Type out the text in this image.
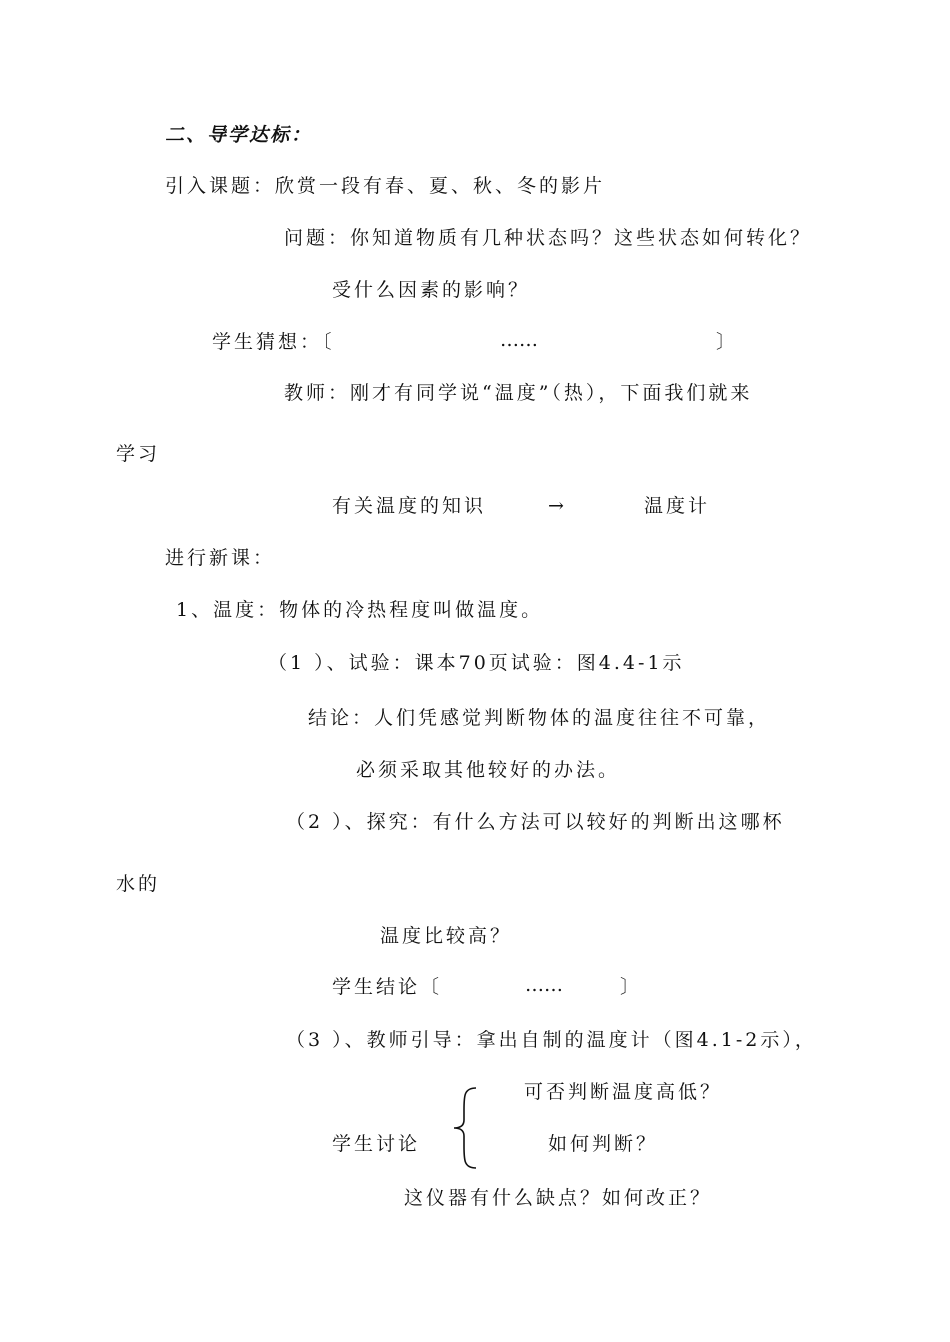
二、导学达标：
引入课题：欣赏一段有春、夏、秋、冬的影片
问题：你知道物质有几种状态吗？这些状态如何转化？
受什么因素的影响？
学生猜想：〔	……	〕
教师：刚才有同学说“温度”（热），下面我们就来
学习
有关温度的知识	→	温度计
进行新课：
1、温度：物体的冷热程度叫做温度。
（1 ）、试验：课本70页试验：图4.4-1示
结论：人们凭感觉判断物体的温度往往不可靠，
必须采取其他较好的办法。
（2 ）、探究：有什么方法可以较好的判断出这哪杯
水的
温度比较高？
学生结论〔	……	〕
（3 ）、教师引导：拿出自制的温度计（图4.1-2示），
可否判断温度高低？
学生讨论	如何判断？
这仪器有什么缺点？如何改正？
